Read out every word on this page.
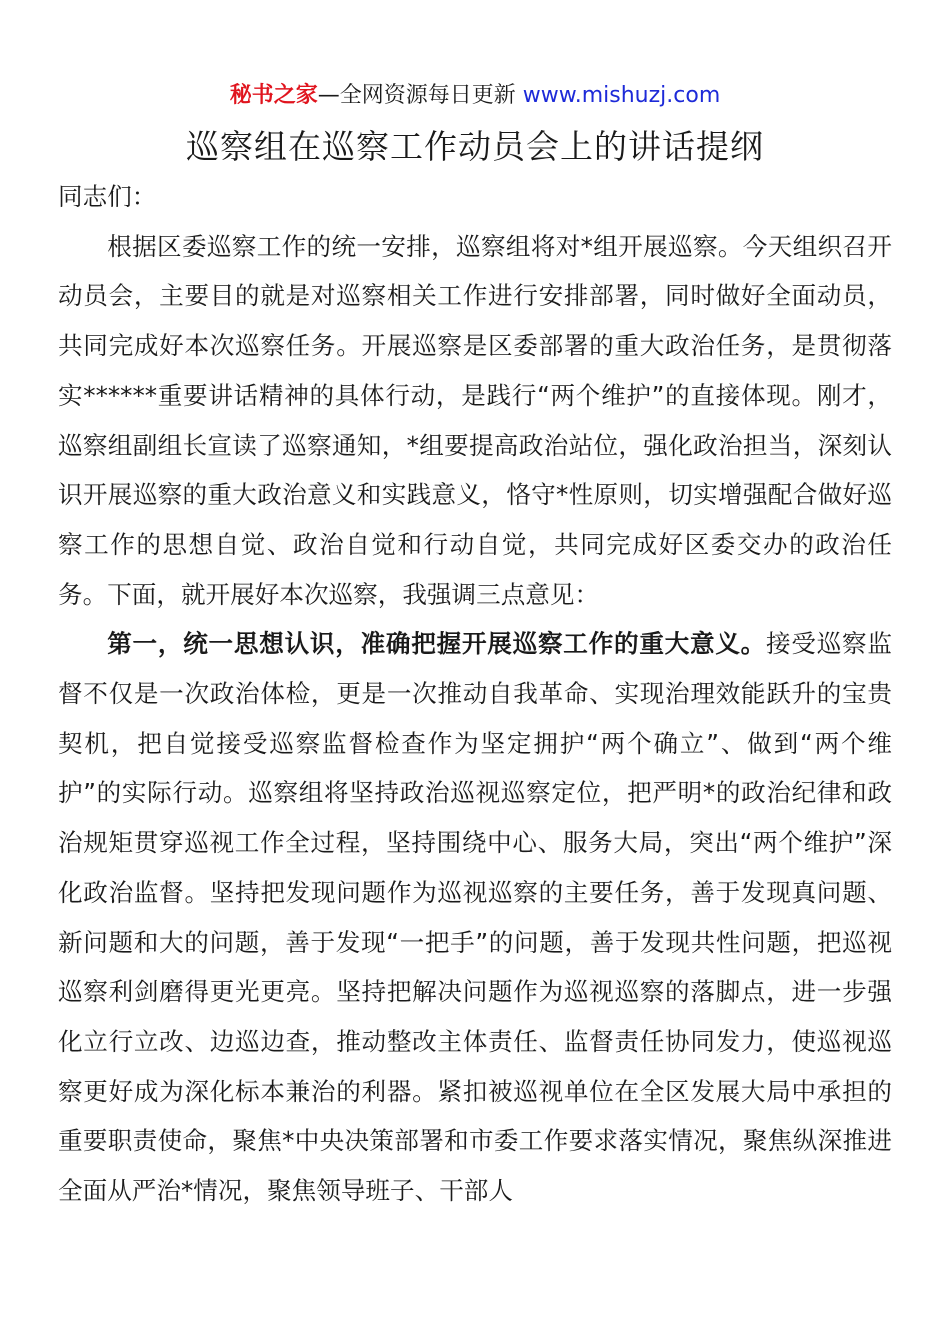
秘书之家—全网资源每日更新 www.mishuzj.com
巡察组在巡察工作动员会上的讲话提纲

同志们：

根据区委巡察工作的统一安排，巡察组将对*组开展巡察。今天组织召开动员会，主要目的就是对巡察相关工作进行安排部署，同时做好全面动员，共同完成好本次巡察任务。开展巡察是区委部署的重大政治任务，是贯彻落实******重要讲话精神的具体行动，是践行“两个维护”的直接体现。刚才，巡察组副组长宣读了巡察通知，*组要提高政治站位，强化政治担当，深刻认识开展巡察的重大政治意义和实践意义，恪守*性原则，切实增强配合做好巡察工作的思想自觉、政治自觉和行动自觉，共同完成好区委交办的政治任务。下面，就开展好本次巡察，我强调三点意见：

第一，统一思想认识，准确把握开展巡察工作的重大意义。接受巡察监督不仅是一次政治体检，更是一次推动自我革命、实现治理效能跃升的宝贵契机，把自觉接受巡察监督检查作为坚定拥护“两个确立”、做到“两个维护”的实际行动。巡察组将坚持政治巡视巡察定位，把严明*的政治纪律和政治规矩贯穿巡视工作全过程，坚持围绕中心、服务大局，突出“两个维护”深化政治监督。坚持把发现问题作为巡视巡察的主要任务，善于发现真问题、新问题和大的问题，善于发现“一把手”的问题，善于发现共性问题，把巡视巡察利剑磨得更光更亮。坚持把解决问题作为巡视巡察的落脚点，进一步强化立行立改、边巡边查，推动整改主体责任、监督责任协同发力，使巡视巡察更好成为深化标本兼治的利器。紧扣被巡视单位在全区发展大局中承担的重要职责使命，聚焦*中央决策部署和市委工作要求落实情况，聚焦纵深推进全面从严治*情况，聚焦领导班子、干部人
